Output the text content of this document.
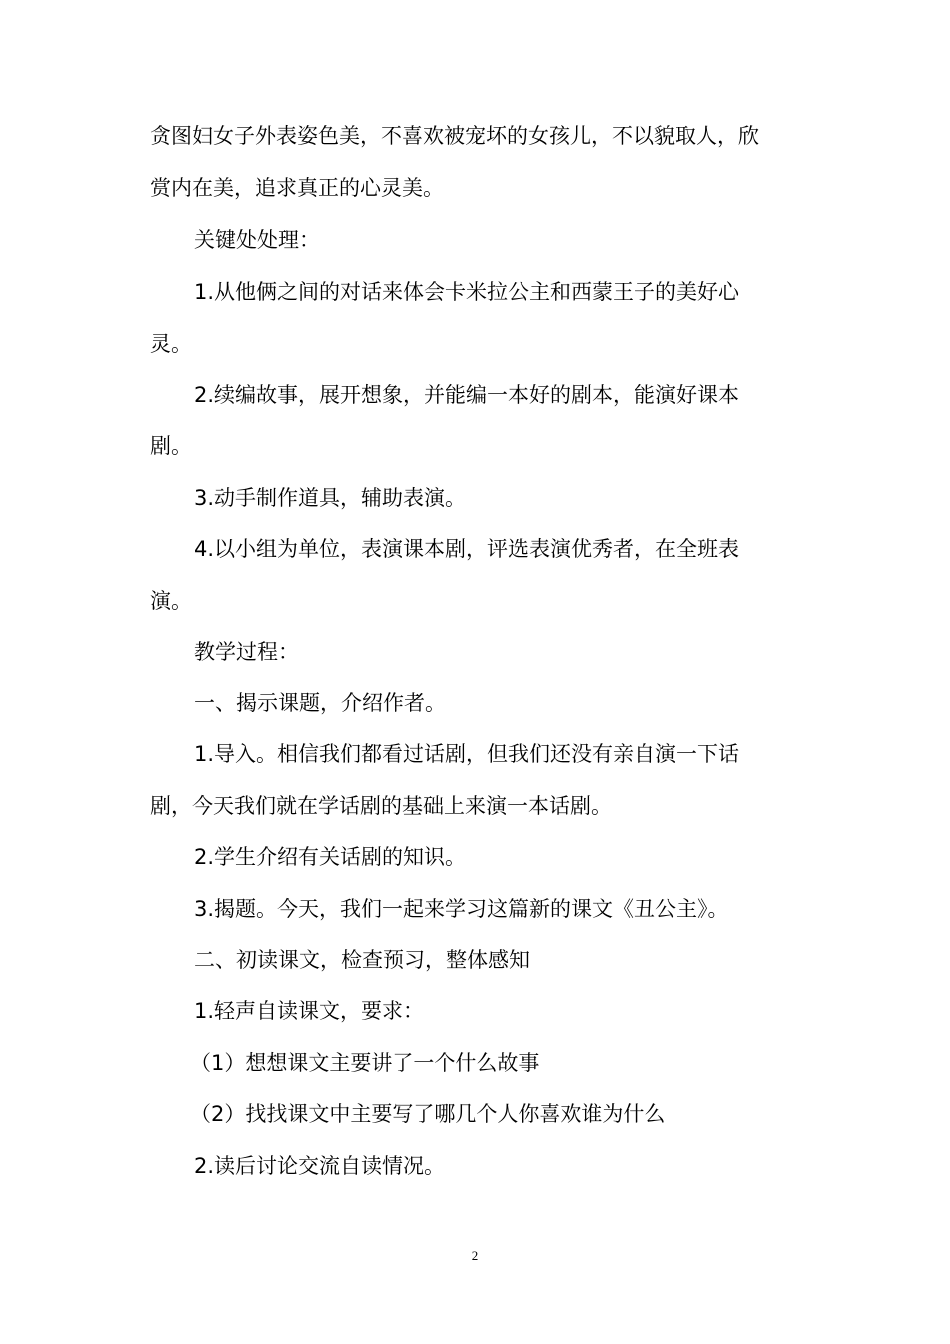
贪图妇女子外表姿色美，不喜欢被宠坏的女孩儿，不以貌取人，欣
赏内在美，追求真正的心灵美。
关键处处理：
1.从他俩之间的对话来体会卡米拉公主和西蒙王子的美好心
灵。
2.续编故事，展开想象，并能编一本好的剧本，能演好课本
剧。
3.动手制作道具，辅助表演。
4.以小组为单位，表演课本剧，评选表演优秀者，在全班表
演。
教学过程：
一、揭示课题，介绍作者。
1.导入。相信我们都看过话剧，但我们还没有亲自演一下话
剧，今天我们就在学话剧的基础上来演一本话剧。
2.学生介绍有关话剧的知识。
3.揭题。今天，我们一起来学习这篇新的课文《丑公主》。
二、初读课文，检查预习，整体感知
1.轻声自读课文，要求：
（1）想想课文主要讲了一个什么故事
（2）找找课文中主要写了哪几个人你喜欢谁为什么
2.读后讨论交流自读情况。
2
